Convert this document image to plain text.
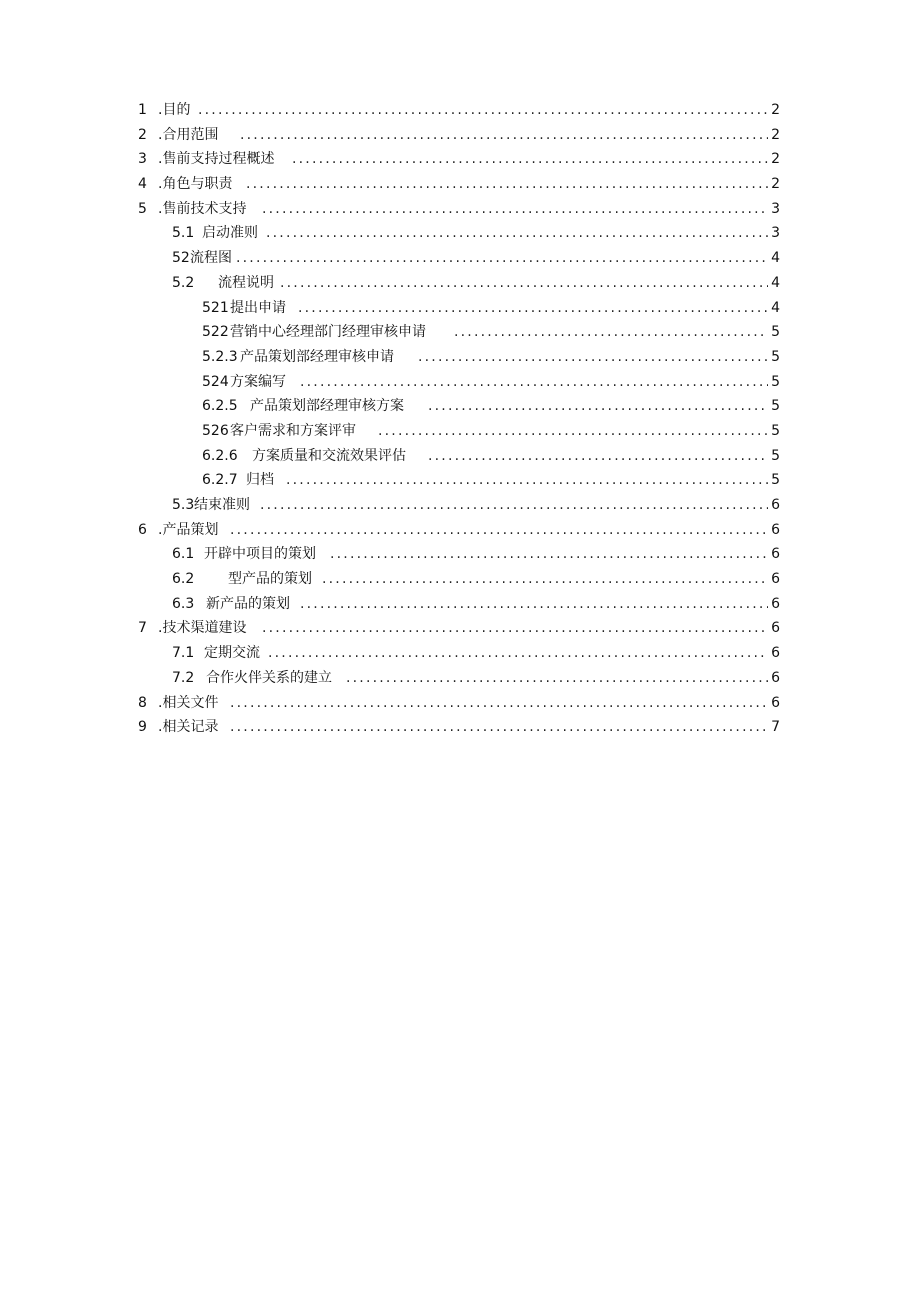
1 .目的 .....	2
2 .合用范围 .....	2
3 .售前支持过程概述 .....	2
4 .角色与职责 .....	2
5 .售前技术支持 .....	3
5.1 启动准则 .....	3
52 流程图 .....	4
5.2 流程说明 .....	4
521 提出申请 .....	4
522 营销中心经理部门经理审核申请 .....	5
5.2.3 产品策划部经理审核申请 .....	5
524 方案编写 .....	5
6.2.5 产品策划部经理审核方案 .....	5
526 客户需求和方案评审 .....	5
6.2.6 方案质量和交流效果评估 .....	5
6.2.7 归档 .....	5
5.3 结束准则 .....	6
6 .产品策划 .....	6
6.1 开辟中项目的策划 .....	6
6.2 型产品的策划 .....	6
6.3 新产品的策划 .....	6
7 .技术渠道建设 .....	6
7.1 定期交流 .....	6
7.2 合作火伴关系的建立 .....	6
8 .相关文件 .....	6
9 .相关记录 .....	7
